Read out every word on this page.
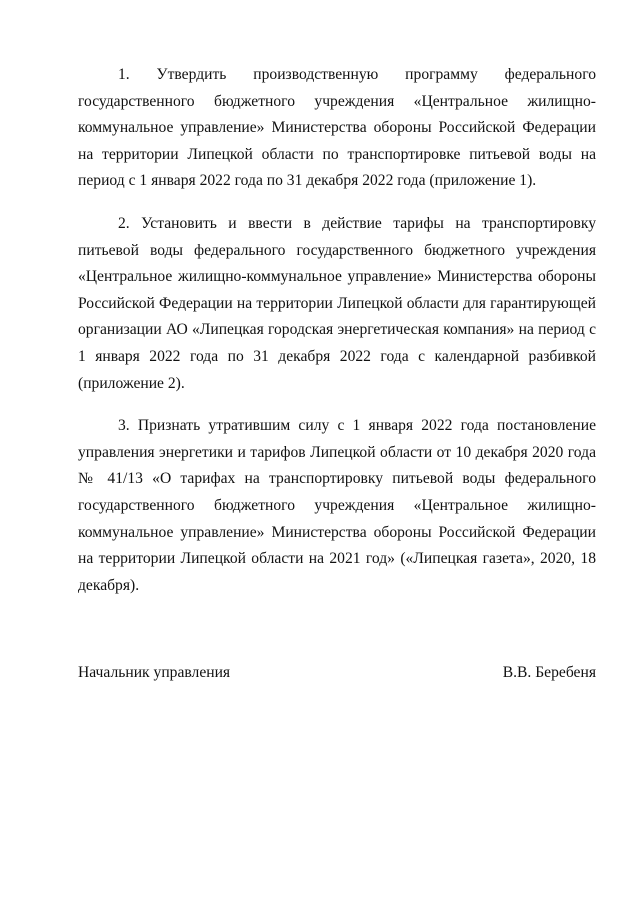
1. Утвердить производственную программу федерального государственного бюджетного учреждения «Центральное жилищно-коммунальное управление» Министерства обороны Российской Федерации на территории Липецкой области по транспортировке питьевой воды на период с 1 января 2022 года по 31 декабря 2022 года (приложение 1).

2. Установить и ввести в действие тарифы на транспортировку питьевой воды федерального государственного бюджетного учреждения «Центральное жилищно-коммунальное управление» Министерства обороны Российской Федерации на территории Липецкой области для гарантирующей организации АО «Липецкая городская энергетическая компания» на период с 1 января 2022 года по 31 декабря 2022 года с календарной разбивкой (приложение 2).

3. Признать утратившим силу с 1 января 2022 года постановление управления энергетики и тарифов Липецкой области от 10 декабря 2020 года № 41/13 «О тарифах на транспортировку питьевой воды федерального государственного бюджетного учреждения «Центральное жилищно-коммунальное управление» Министерства обороны Российской Федерации на территории Липецкой области на 2021 год» («Липецкая газета», 2020, 18 декабря).

Начальник управления	В.В. Беребеня
